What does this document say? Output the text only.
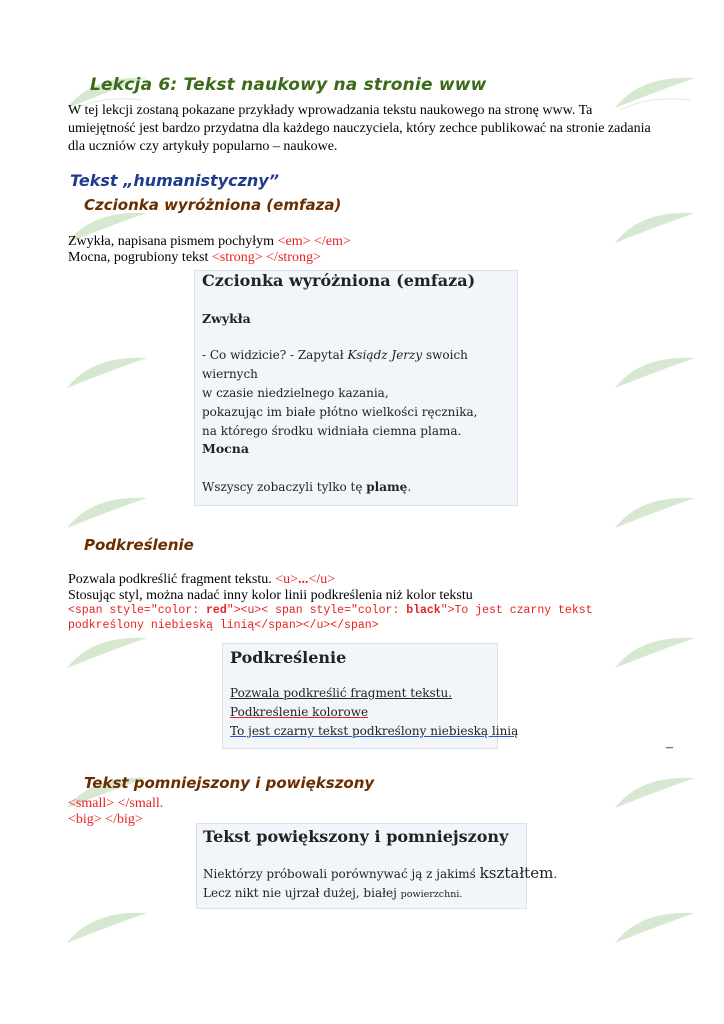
Lekcja 6: Tekst naukowy na stronie www
W tej lekcji zostaną pokazane przykłady wprowadzania tekstu naukowego na stronę www. Ta umiejętność jest bardzo przydatna dla każdego nauczyciela, który zechce publikować na stronie zadania dla uczniów czy artykuły popularno – naukowe.
Tekst „humanistyczny”
Czcionka wyróżniona (emfaza)
Zwykła, napisana pismem pochyłym <em> </em>
Mocna, pogrubiony tekst <strong> </strong>
Czcionka wyróżniona (emfaza)
Zwykła
- Co widzicie? - Zapytał Ksiądz Jerzy swoich wiernych
w czasie niedzielnego kazania,
pokazując im białe płótno wielkości ręcznika,
na którego środku widniała ciemna plama.
Mocna
Wszyscy zobaczyli tylko tę plamę.
Podkreślenie
Pozwala podkreślić fragment tekstu. <u>...</u>
Stosując styl, można nadać inny kolor linii podkreślenia niż kolor tekstu
<span style="color: red"><u>< span style="color: black">To jest czarny tekst
podkreślony niebieską linią</span></u></span>
Podkreślenie
Pozwala podkreślić fragment tekstu.
Podkreślenie kolorowe
To jest czarny tekst podkreślony niebieską linią
–
Tekst pomniejszony i powiększony
<small> </small.
<big> </big>
Tekst powiększony i pomniejszony
Niektórzy próbowali porównywać ją z jakimś kształtem.
Lecz nikt nie ujrzał dużej, białej powierzchni.
